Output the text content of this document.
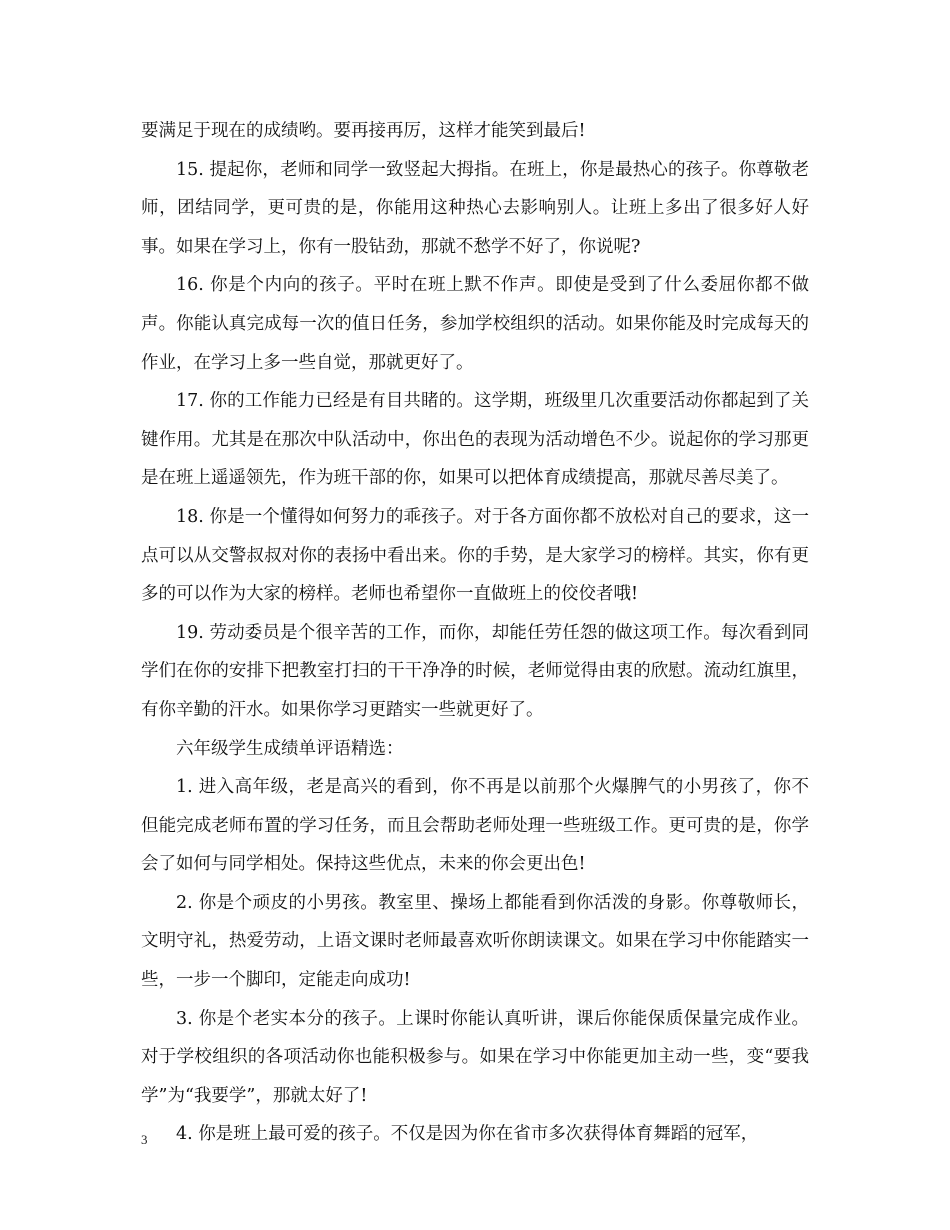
要满足于现在的成绩哟。要再接再厉，这样才能笑到最后!

15. 提起你，老师和同学一致竖起大拇指。在班上，你是最热心的孩子。你尊敬老师，团结同学，更可贵的是，你能用这种热心去影响别人。让班上多出了很多好人好事。如果在学习上，你有一股钻劲，那就不愁学不好了，你说呢?

16. 你是个内向的孩子。平时在班上默不作声。即使是受到了什么委屈你都不做声。你能认真完成每一次的值日任务，参加学校组织的活动。如果你能及时完成每天的作业，在学习上多一些自觉，那就更好了。

17. 你的工作能力已经是有目共睹的。这学期，班级里几次重要活动你都起到了关键作用。尤其是在那次中队活动中，你出色的表现为活动增色不少。说起你的学习那更是在班上遥遥领先，作为班干部的你，如果可以把体育成绩提高，那就尽善尽美了。

18. 你是一个懂得如何努力的乖孩子。对于各方面你都不放松对自己的要求，这一点可以从交警叔叔对你的表扬中看出来。你的手势，是大家学习的榜样。其实，你有更多的可以作为大家的榜样。老师也希望你一直做班上的佼佼者哦!

19. 劳动委员是个很辛苦的工作，而你，却能任劳任怨的做这项工作。每次看到同学们在你的安排下把教室打扫的干干净净的时候，老师觉得由衷的欣慰。流动红旗里，有你辛勤的汗水。如果你学习更踏实一些就更好了。

六年级学生成绩单评语精选：

1. 进入高年级，老是高兴的看到，你不再是以前那个火爆脾气的小男孩了，你不但能完成老师布置的学习任务，而且会帮助老师处理一些班级工作。更可贵的是，你学会了如何与同学相处。保持这些优点，未来的你会更出色!

2. 你是个顽皮的小男孩。教室里、操场上都能看到你活泼的身影。你尊敬师长，文明守礼，热爱劳动，上语文课时老师最喜欢听你朗读课文。如果在学习中你能踏实一些，一步一个脚印，定能走向成功!

3. 你是个老实本分的孩子。上课时你能认真听讲，课后你能保质保量完成作业。对于学校组织的各项活动你也能积极参与。如果在学习中你能更加主动一些，变“要我学”为“我要学”，那就太好了!

4. 你是班上最可爱的孩子。不仅是因为你在省市多次获得体育舞蹈的冠军，

3
